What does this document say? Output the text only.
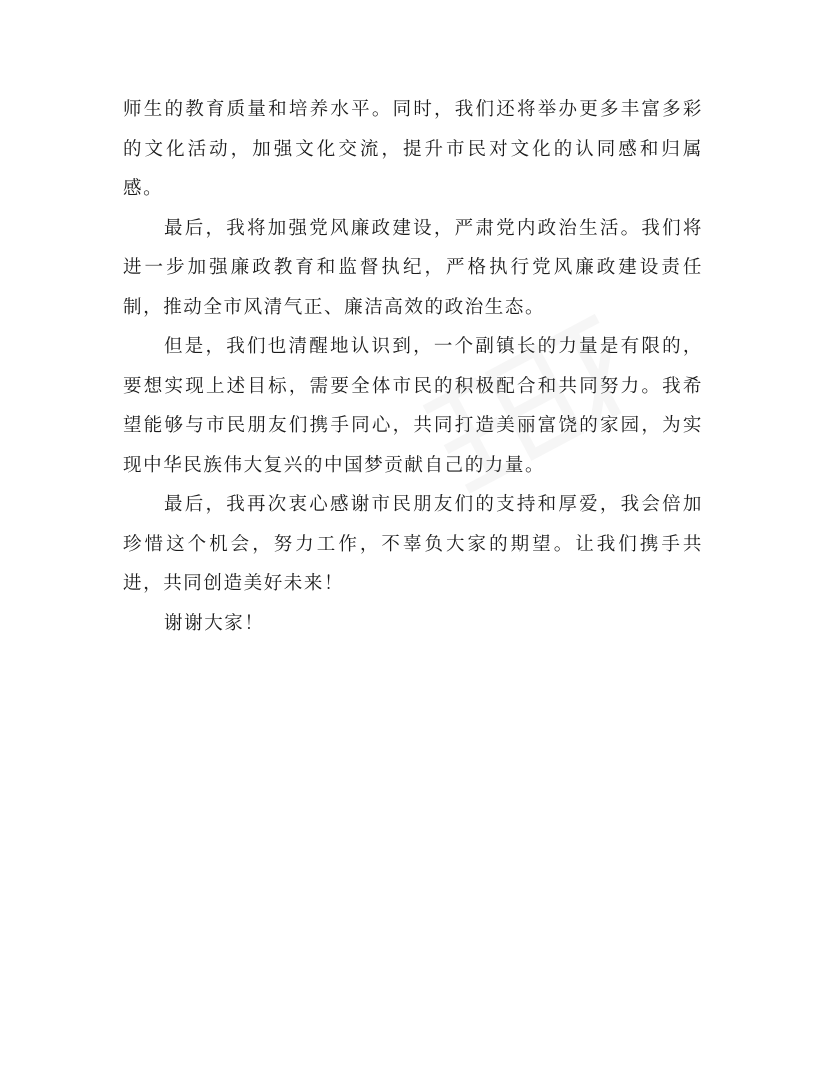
师生的教育质量和培养水平。同时，我们还将举办更多丰富多彩的文化活动，加强文化交流，提升市民对文化的认同感和归属感。

最后，我将加强党风廉政建设，严肃党内政治生活。我们将进一步加强廉政教育和监督执纪，严格执行党风廉政建设责任制，推动全市风清气正、廉洁高效的政治生态。

但是，我们也清醒地认识到，一个副镇长的力量是有限的，要想实现上述目标，需要全体市民的积极配合和共同努力。我希望能够与市民朋友们携手同心，共同打造美丽富饶的家园，为实现中华民族伟大复兴的中国梦贡献自己的力量。

最后，我再次衷心感谢市民朋友们的支持和厚爱，我会倍加珍惜这个机会，努力工作，不辜负大家的期望。让我们携手共进，共同创造美好未来！

谢谢大家！
